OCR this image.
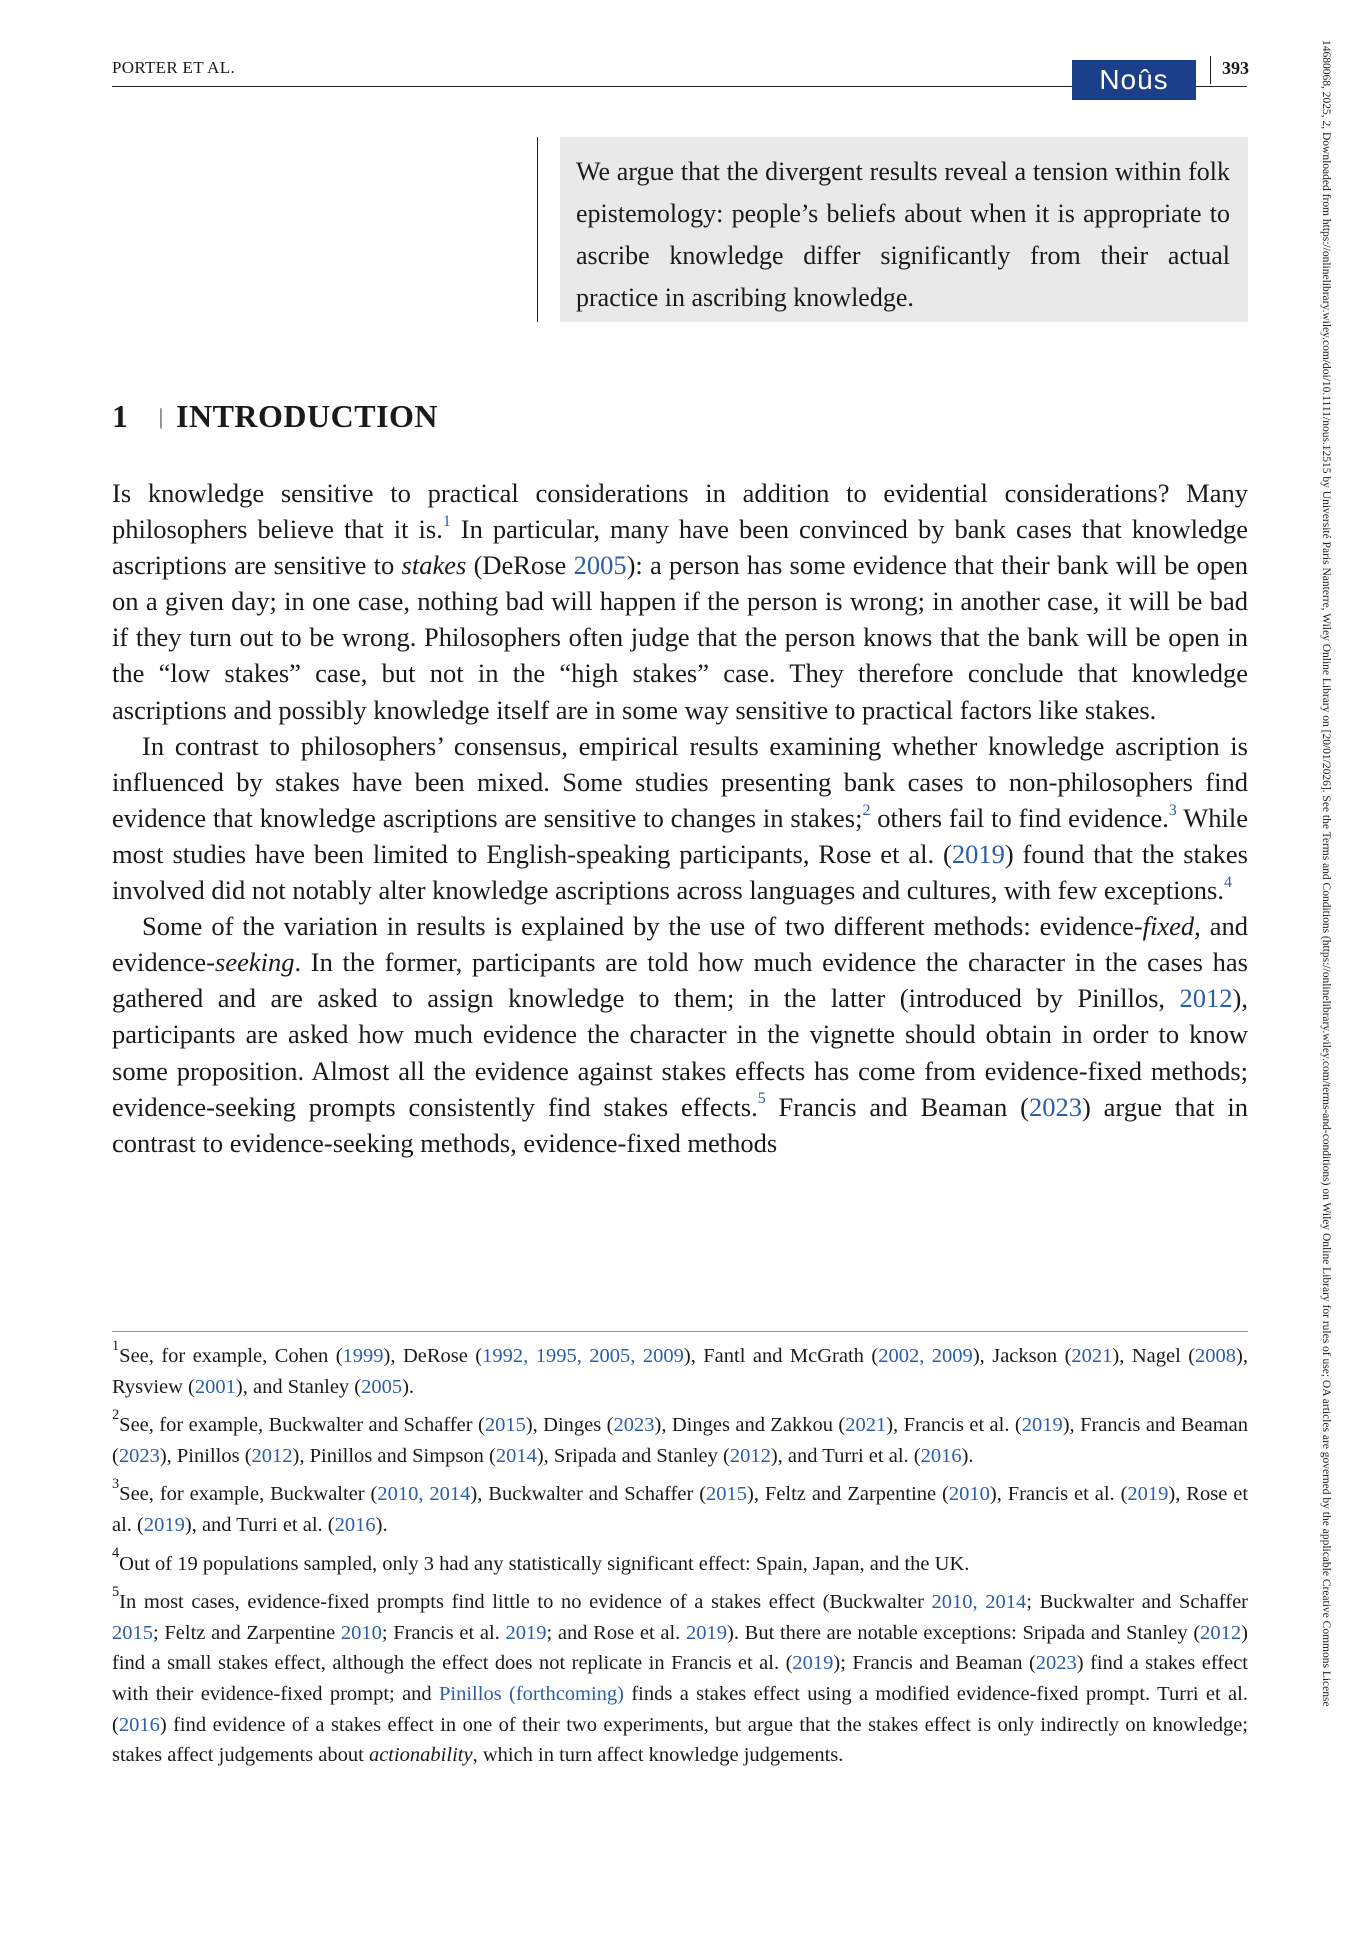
PORTER ET AL.	Noûs	393	14680068, 2025, 2, Downloaded from https://onlinelibrary.wiley.com/doi/10.1111/nous.12515 by Université Paris Nanterre, Wiley Online Library on [20/01/2026]. See the Terms and Conditions (https://onlinelibrary.wiley.com/terms-and-conditions) on Wiley Online Library for rules of use; OA articles are governed by the applicable Creative Commons License
We argue that the divergent results reveal a tension within folk epistemology: people’s beliefs about when it is appropriate to ascribe knowledge differ significantly from their actual practice in ascribing knowledge.
1 | INTRODUCTION

Is knowledge sensitive to practical considerations in addition to evidential considerations? Many philosophers believe that it is.$^1$ In particular, many have been convinced by bank cases that knowledge ascriptions are sensitive to stakes (DeRose 2005): a person has some evidence that their bank will be open on a given day; in one case, nothing bad will happen if the person is wrong; in another case, it will be bad if they turn out to be wrong. Philosophers often judge that the person knows that the bank will be open in the “low stakes” case, but not in the “high stakes” case. They therefore conclude that knowledge ascriptions and possibly knowledge itself are in some way sensitive to practical factors like stakes.

In contrast to philosophers’ consensus, empirical results examining whether knowledge ascription is influenced by stakes have been mixed. Some studies presenting bank cases to non-philosophers find evidence that knowledge ascriptions are sensitive to changes in stakes;$^2$ others fail to find evidence.$^3$ While most studies have been limited to English-speaking participants, Rose et al. (2019) found that the stakes involved did not notably alter knowledge ascriptions across languages and cultures, with few exceptions.$^4$

Some of the variation in results is explained by the use of two different methods: evidence-fixed, and evidence-seeking. In the former, participants are told how much evidence the character in the cases has gathered and are asked to assign knowledge to them; in the latter (introduced by Pinillos, 2012), participants are asked how much evidence the character in the vignette should obtain in order to know some proposition. Almost all the evidence against stakes effects has come from evidence-fixed methods; evidence-seeking prompts consistently find stakes effects.$^5$ Francis and Beaman (2023) argue that in contrast to evidence-seeking methods, evidence-fixed methods

$^1$See, for example, Cohen (1999), DeRose (1992, 1995, 2005, 2009), Fantl and McGrath (2002, 2009), Jackson (2021), Nagel (2008), Rysview (2001), and Stanley (2005).

$^2$See, for example, Buckwalter and Schaffer (2015), Dinges (2023), Dinges and Zakkou (2021), Francis et al. (2019), Francis and Beaman (2023), Pinillos (2012), Pinillos and Simpson (2014), Sripada and Stanley (2012), and Turri et al. (2016).

$^3$See, for example, Buckwalter (2010, 2014), Buckwalter and Schaffer (2015), Feltz and Zarpentine (2010), Francis et al. (2019), Rose et al. (2019), and Turri et al. (2016).

$^4$Out of 19 populations sampled, only 3 had any statistically significant effect: Spain, Japan, and the UK.

$^5$In most cases, evidence-fixed prompts find little to no evidence of a stakes effect (Buckwalter 2010, 2014; Buckwalter and Schaffer 2015; Feltz and Zarpentine 2010; Francis et al. 2019; and Rose et al. 2019). But there are notable exceptions: Sripada and Stanley (2012) find a small stakes effect, although the effect does not replicate in Francis et al. (2019); Francis and Beaman (2023) find a stakes effect with their evidence-fixed prompt; and Pinillos (forthcoming) finds a stakes effect using a modified evidence-fixed prompt. Turri et al. (2016) find evidence of a stakes effect in one of their two experiments, but argue that the stakes effect is only indirectly on knowledge; stakes affect judgements about actionability, which in turn affect knowledge judgements.
